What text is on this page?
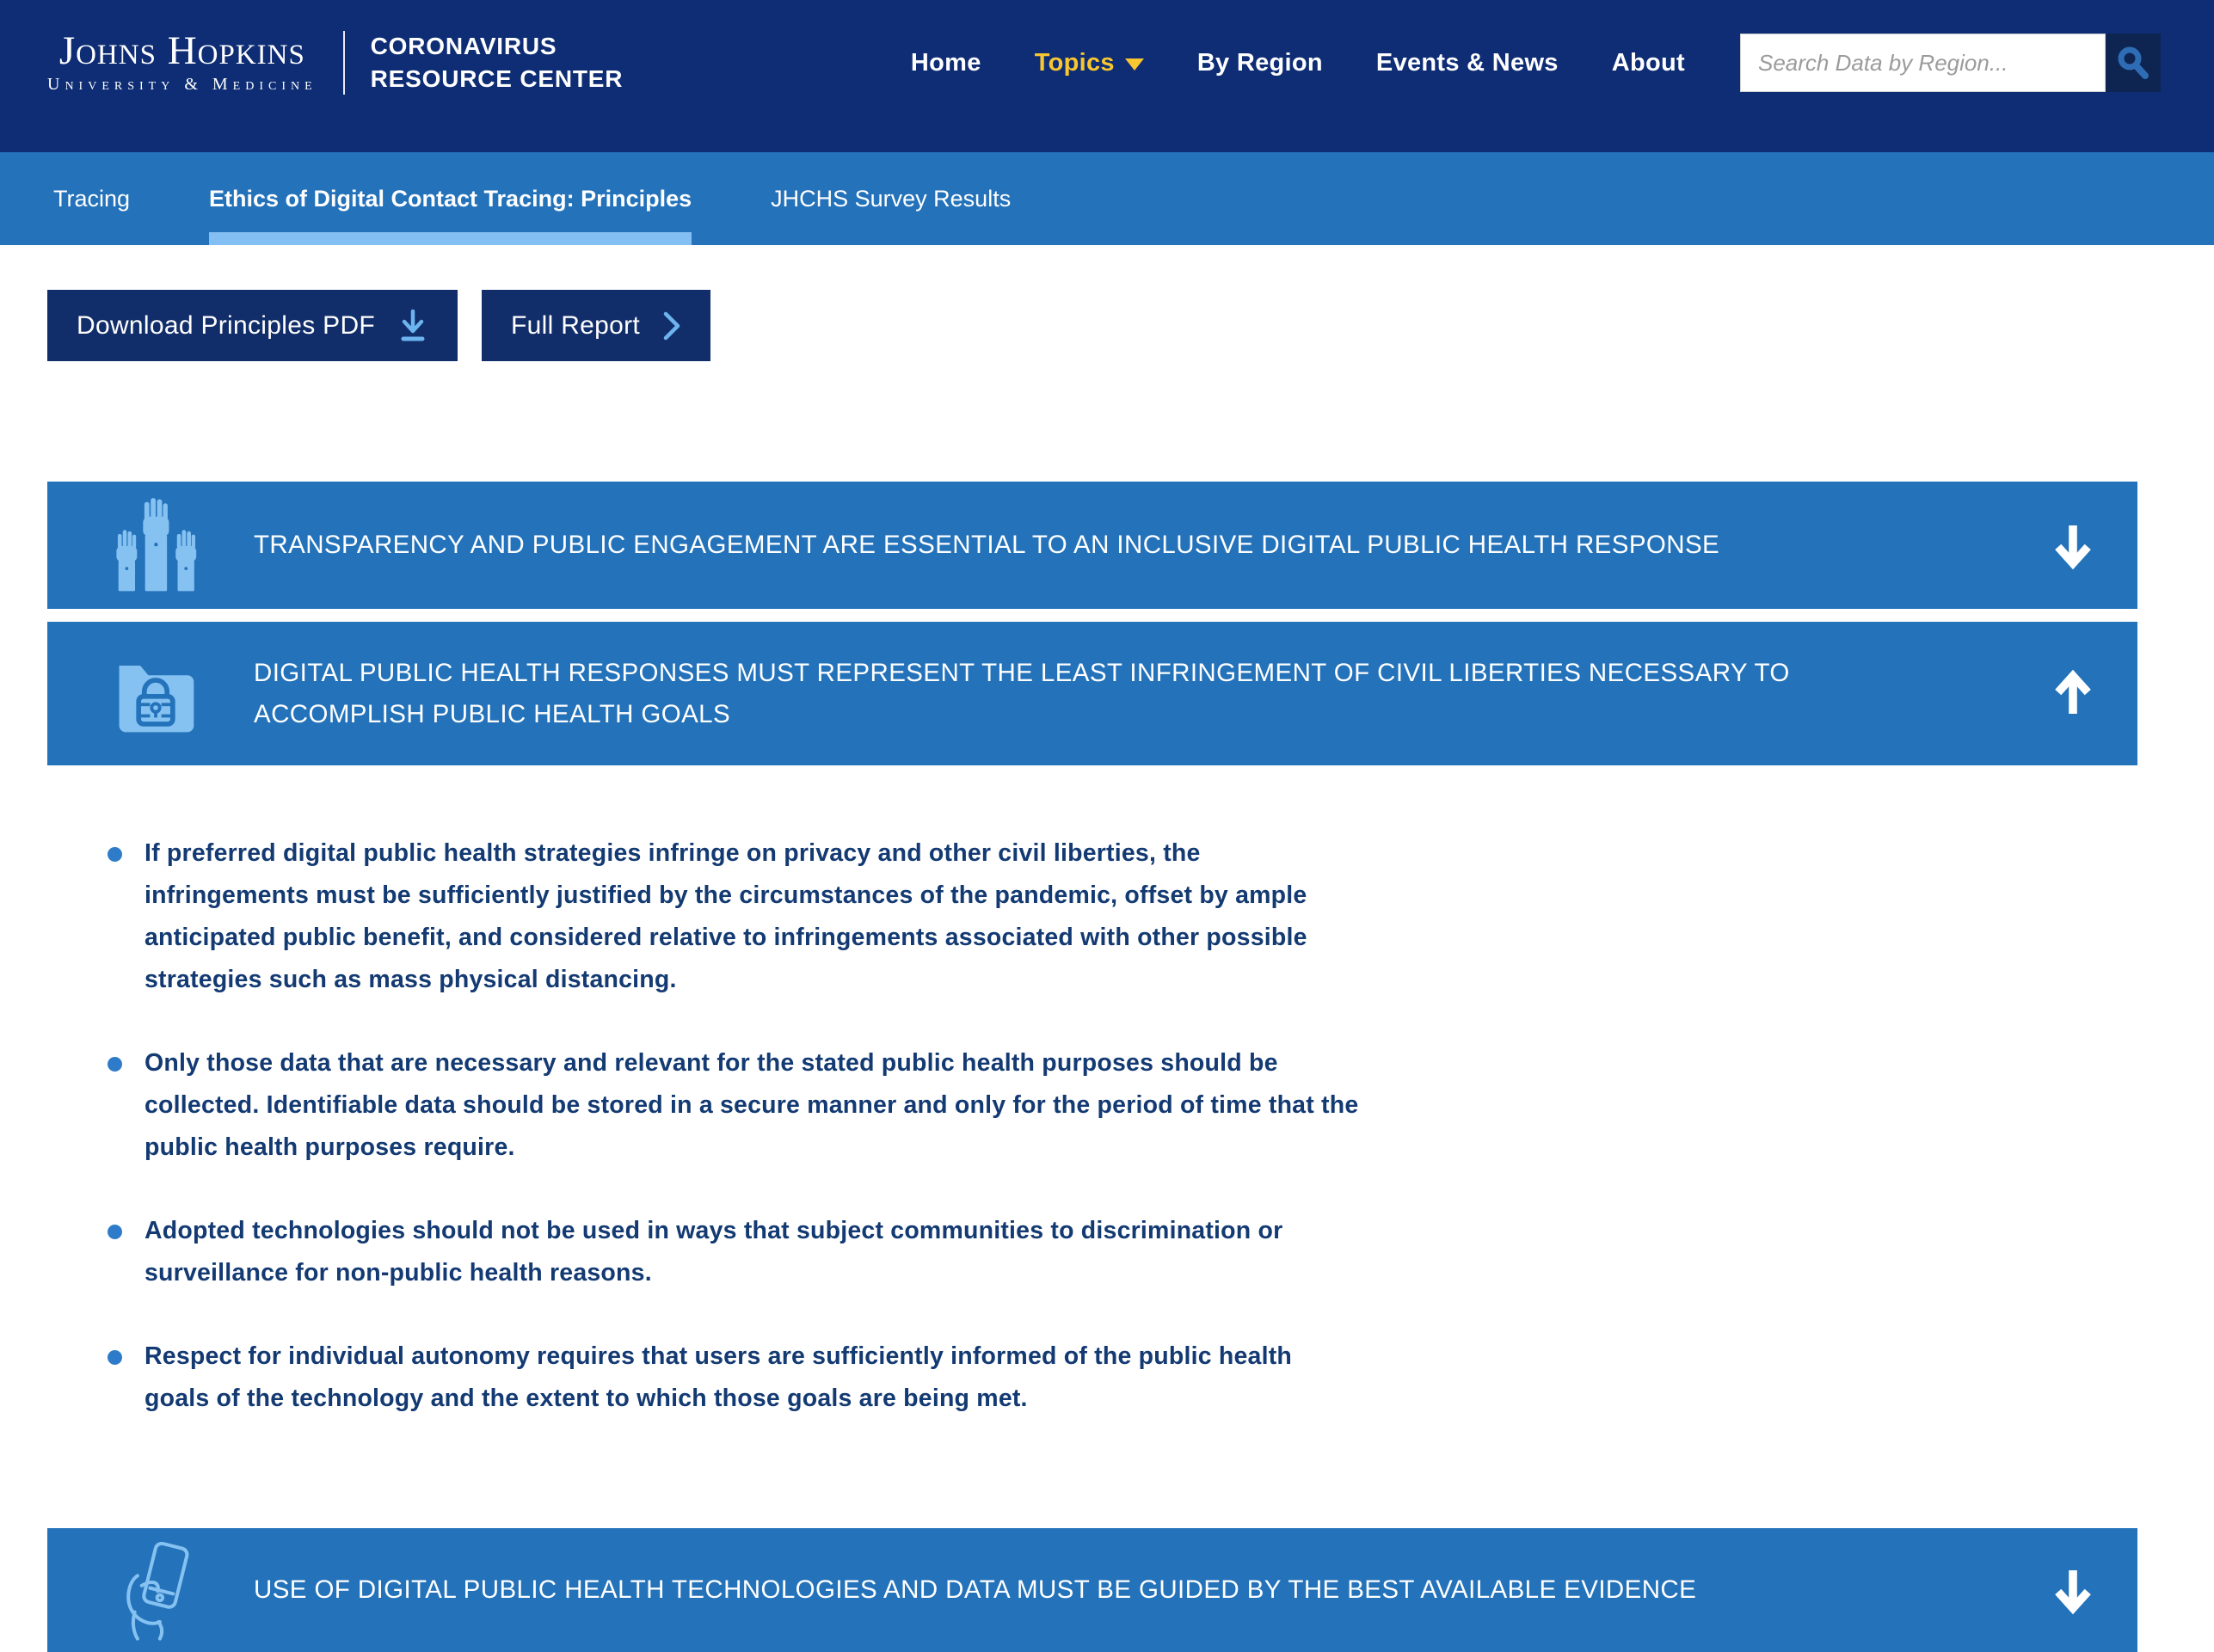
Johns Hopkins
University & Medicine
CORONAVIRUS
RESOURCE CENTER
Home Topics	By Region Events & News About
Search Data by Region...
Tracing	Ethics of Digital Contact Tracing: Principles	JHCHS Survey Results
Download Principles PDF	Full Report
TRANSPARENCY AND PUBLIC ENGAGEMENT ARE ESSENTIAL TO AN INCLUSIVE DIGITAL PUBLIC HEALTH RESPONSE
DIGITAL PUBLIC HEALTH RESPONSES MUST REPRESENT THE LEAST INFRINGEMENT OF CIVIL LIBERTIES NECESSARY TO ACCOMPLISH PUBLIC HEALTH GOALS
If preferred digital public health strategies infringe on privacy and other civil liberties, the infringements must be sufficiently justified by the circumstances of the pandemic, offset by ample anticipated public benefit, and considered relative to infringements associated with other possible strategies such as mass physical distancing.
Only those data that are necessary and relevant for the stated public health purposes should be collected. Identifiable data should be stored in a secure manner and only for the period of time that the public health purposes require.
Adopted technologies should not be used in ways that subject communities to discrimination or surveillance for non-public health reasons.
Respect for individual autonomy requires that users are sufficiently informed of the public health goals of the technology and the extent to which those goals are being met.
USE OF DIGITAL PUBLIC HEALTH TECHNOLOGIES AND DATA MUST BE GUIDED BY THE BEST AVAILABLE EVIDENCE
